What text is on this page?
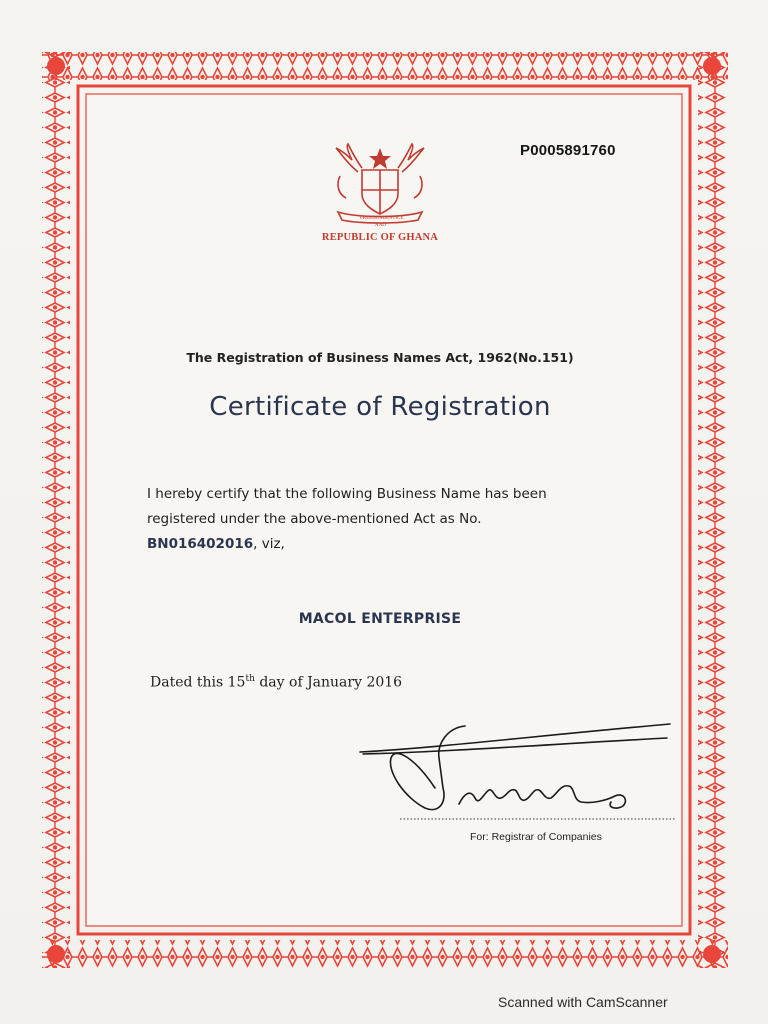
P0005891760
FREEDOM
AND
JUSTICE
REPUBLIC OF GHANA
The Registration of Business Names Act, 1962(No.151)
Certificate of Registration
I hereby certify that the following Business Name has been
registered under the above-mentioned Act as No.
BN016402016, viz,
MACOL ENTERPRISE
Dated this 15th day of January 2016
For: Registrar of Companies
Scanned with CamScanner
